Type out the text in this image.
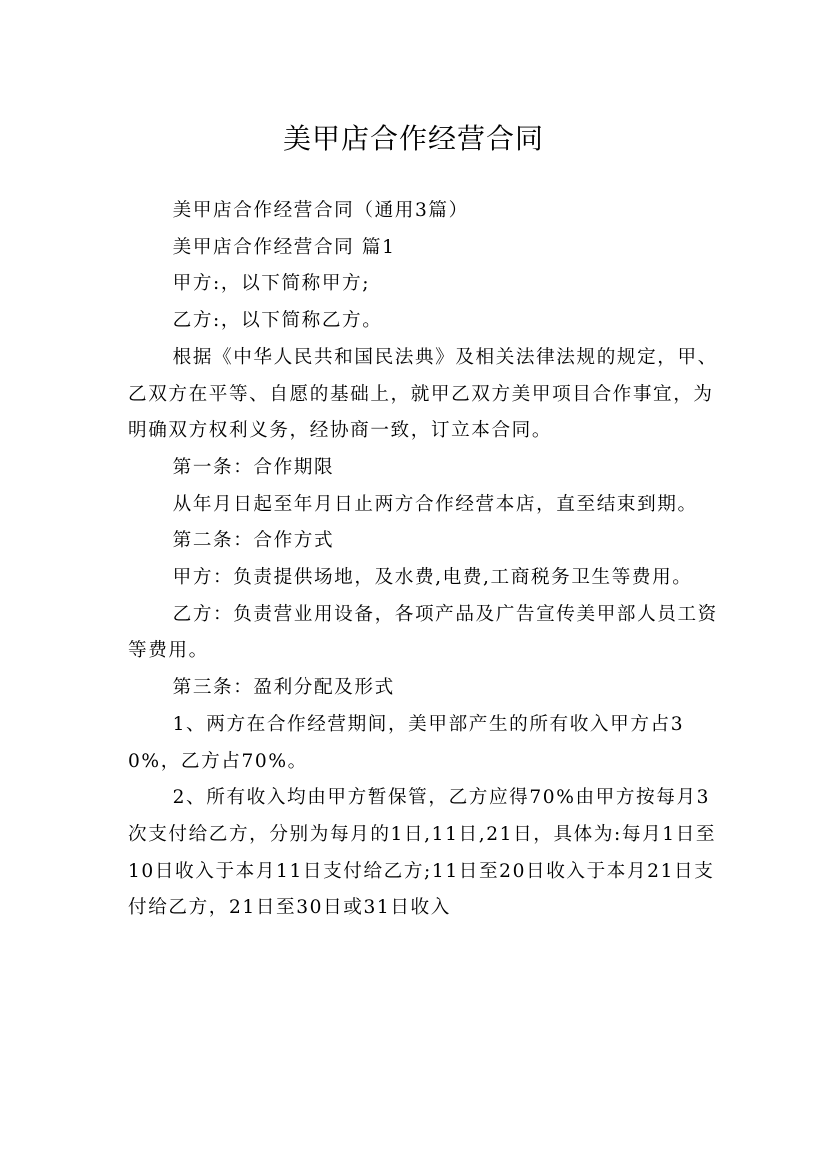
美甲店合作经营合同

美甲店合作经营合同（通用3篇）

美甲店合作经营合同 篇1

甲方:，以下简称甲方;

乙方:，以下简称乙方。

根据《中华人民共和国民法典》及相关法律法规的规定，甲、乙双方在平等、自愿的基础上，就甲乙双方美甲项目合作事宜，为明确双方权利义务，经协商一致，订立本合同。

第一条：合作期限

从年月日起至年月日止两方合作经营本店，直至结束到期。

第二条：合作方式

甲方：负责提供场地，及水费,电费,工商税务卫生等费用。

乙方：负责营业用设备，各项产品及广告宣传美甲部人员工资等费用。

第三条：盈利分配及形式

1、两方在合作经营期间，美甲部产生的所有收入甲方占30%，乙方占70%。

2、所有收入均由甲方暂保管，乙方应得70%由甲方按每月3次支付给乙方，分别为每月的1日,11日,21日，具体为:每月1日至10日收入于本月11日支付给乙方;11日至20日收入于本月21日支付给乙方，21日至30日或31日收入
